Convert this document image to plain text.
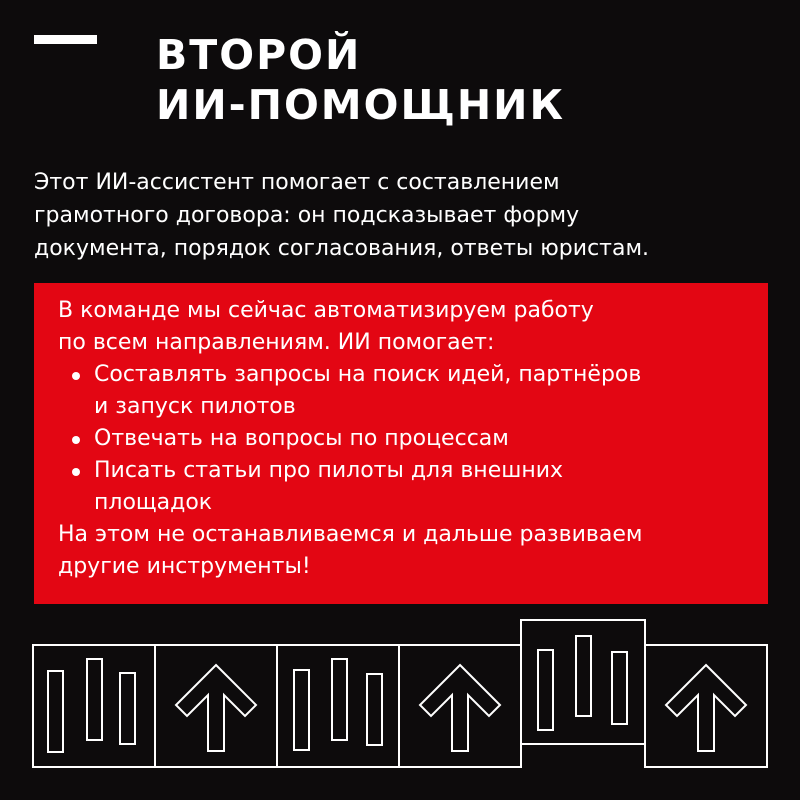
ВТОРОЙ
ИИ-ПОМОЩНИК

Этот ИИ-ассистент помогает с составлением
грамотного договора: он подсказывает форму
документа, порядок согласования, ответы юристам.

В команде мы сейчас автоматизируем работу
по всем направлениям. ИИ помогает:
Составлять запросы на поиск идей, партнёров
и запуск пилотов
Отвечать на вопросы по процессам
Писать статьи про пилоты для внешних
площадок
На этом не останавливаемся и дальше развиваем
другие инструменты!
